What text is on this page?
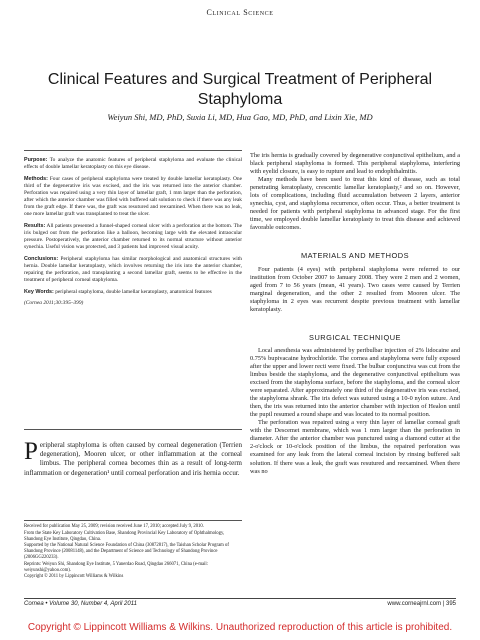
Clinical Science
Clinical Features and Surgical Treatment of Peripheral Staphyloma
Weiyun Shi, MD, PhD, Suxia Li, MD, Hua Gao, MD, PhD, and Lixin Xie, MD

Purpose: To analyze the anatomic features of peripheral staphyloma and evaluate the clinical effects of double lamellar keratoplasty on this eye disease.

Methods: Four cases of peripheral staphyloma were treated by double lamellar keratoplasty. One third of the degenerative iris was excised, and the iris was returned into the anterior chamber. Perforation was repaired using a very thin layer of lamellar graft, 1 mm larger than the perforation, after which the anterior chamber was filled with buffered salt solution to check if there was any leak from the graft edge. If there was, the graft was resutured and reexamined. When there was no leak, one more lamellar graft was transplanted to treat the ulcer.

Results: All patients presented a funnel-shaped corneal ulcer with a perforation at the bottom. The iris bulged out from the perforation like a balloon, becoming large with the elevated intraocular pressure. Postoperatively, the anterior chamber returned to its normal structure without anterior synechia. Useful vision was protected, and 3 patients had improved visual acuity.

Conclusions: Peripheral staphyloma has similar morphological and anatomical structures with hernia. Double lamellar keratoplasty, which involves returning the iris into the anterior chamber, repairing the perforation, and transplanting a second lamellar graft, seems to be effective in the treatment of peripheral corneal staphyloma.

Key Words: peripheral staphyloma, double lamellar keratoplasty, anatomical features

(Cornea 2011;30:395–399)

Peripheral staphyloma is often caused by corneal degeneration (Terrien degeneration), Mooren ulcer, or other inflammation at the corneal limbus. The peripheral cornea becomes thin as a result of long-term inflammation or degeneration¹ until corneal perforation and iris hernia occur.
Received for publication May 25, 2009; revision received June 17, 2010; accepted July 9, 2010.
From the State Key Laboratory Cultivation Base, Shandong Provincial Key Laboratory of Ophthalmology, Shandong Eye Institute, Qingdao, China.
Supported by the National Natural Science Foundation of China (30872817), the Taishan Scholar Program of Shandong Province (20081148), and the Department of Science and Technology of Shandong Province (2006GG220233).
Reprints: Weiyun Shi, Shandong Eye Institute, 5 Yanerdao Road, Qingdao 266071, China (e-mail: weiyunshi@yahoo.com).
Copyright © 2011 by Lippincott Williams & Wilkins

The iris hernia is gradually covered by degenerative conjunctival epithelium, and a black peripheral staphyloma is formed. This peripheral staphyloma, interfering with eyelid closure, is easy to rupture and lead to endophthalmitis.

Many methods have been used to treat this kind of disease, such as total penetrating keratoplasty, crescentic lamellar keratoplasty,² and so on. However, lots of complications, including fluid accumulation between 2 layers, anterior synechia, cyst, and staphyloma recurrence, often occur. Thus, a better treatment is needed for patients with peripheral staphyloma in advanced stage. For the first time, we employed double lamellar keratoplasty to treat this disease and achieved favorable outcomes.

MATERIALS AND METHODS

Four patients (4 eyes) with peripheral staphyloma were referred to our institution from October 2007 to January 2008. They were 2 men and 2 women, aged from 7 to 56 years (mean, 41 years). Two cases were caused by Terrien marginal degeneration, and the other 2 resulted from Mooren ulcer. The staphyloma in 2 eyes was recurrent despite previous treatment with lamellar keratoplasty.

SURGICAL TECHNIQUE

Local anesthesia was administered by peribulbar injection of 2% lidocaine and 0.75% bupivacaine hydrochloride. The cornea and staphyloma were fully exposed after the upper and lower recti were fixed. The bulbar conjunctiva was cut from the limbus beside the staphyloma, and the degenerative conjunctival epithelium was excised from the staphyloma surface, before the staphyloma, and the corneal ulcer were separated. After approximately one third of the degenerative iris was excised, the staphyloma shrank. The iris defect was sutured using a 10-0 nylon suture. And then, the iris was returned into the anterior chamber with injection of Healon until the pupil resumed a round shape and was located to its normal position.

The perforation was repaired using a very thin layer of lamellar corneal graft with the Descemet membrane, which was 1 mm larger than the perforation in diameter. After the anterior chamber was punctured using a diamond cutter at the 2-o'clock or 10-o'clock position of the limbus, the repaired perforation was examined for any leak from the lateral corneal incision by rinsing buffered salt solution. If there was a leak, the graft was resutured and reexamined. When there was no

Cornea • Volume 30, Number 4, April 2011	www.corneajrnl.com | 395
Copyright © Lippincott Williams & Wilkins. Unauthorized reproduction of this article is prohibited.
